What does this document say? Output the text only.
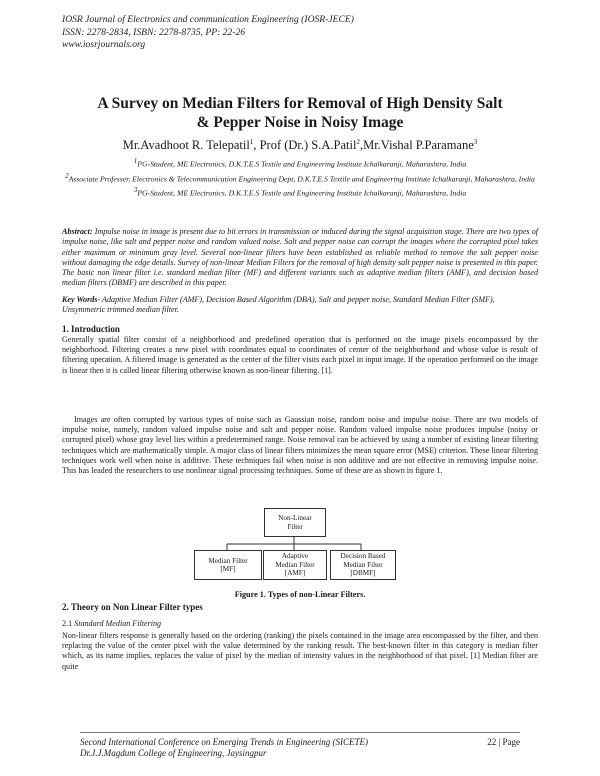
IOSR Journal of Electronics and communication Engineering (IOSR-JECE)
ISSN: 2278-2834, ISBN: 2278-8735, PP: 22-26
www.iosrjournals.org
A Survey on Median Filters for Removal of High Density Salt
& Pepper Noise in Noisy Image
Mr.Avadhoot R. Telepatil$^1$, Prof (Dr.) S.A.Patil$^2$,Mr.Vishal P.Paramane$^3$
$^1$PG-Student, ME Electronics, D.K.T.E.S Textile and Engineering Institute Ichalkaranji, Maharashtra, India
$^2$Associate Professer, Electronics & Telecommunication Engineering Dept, D.K.T.E.S Textile and Engineering Institute Ichalkaranji, Maharashtra, India
$^3$PG-Student, ME Electronics, D.K.T.E.S Textile and Engineering Institute Ichalkaranji, Maharashtra, India
Abstract: Impulse noise in image is present due to bit errors in transmission or induced during the signal acquisition stage. There are two types of impulse noise, like salt and pepper noise and random valued noise. Salt and pepper noise can corrupt the images where the corrupted pixel takes either maximum or minimum gray level. Several non-linear filters have been established as reliable method to remove the salt pepper noise without damaging the edge details. Survey of non-linear Median Filters for the removal of high density salt pepper noise is presented in this paper. The basic non linear filter i.e. standard median filter (MF) and different variants such as adaptive median filters (AMF), and decision based median filters (DBMF) are described in this paper.
Key Words- Adaptive Median Filter (AMF), Decision Based Algorithm (DBA), Salt and pepper noise, Standard Median Filter (SMF), Unsymmetric trimmed median filter.
1. Introduction
Generally spatial filter consist of a neighborhood and predefined operation that is performed on the image pixels encompassed by the neighborhood. Filtering creates a new pixel with coordinates equal to coordinates of center of the neighborhood and whose value is result of filtering operation. A filtered image is generated as the center of the filter visits each pixel in input image. If the operation performed on the image is linear then it is called linear filtering otherwise known as non-linear filtering. [1].
Images are often corrupted by various types of noise such as Gaussian noise, random noise and impulse noise. There are two models of impulse noise, namely, random valued impulse noise and salt and pepper noise. Random valued impulse noise produces impulse (noisy or corrupted pixel) whose gray level lies within a predetermined range. Noise removal can be achieved by using a number of existing linear filtering techniques which are mathematically simple. A major class of linear filters minimizes the mean square error (MSE) criterion. These linear filtering techniques work well when noise is additive. These techniques fail when noise is non additive and are not effective in removing impulse noise. This has leaded the researchers to use nonlinear signal processing techniques. Some of these are as shown in figure 1.
Non-Linear
Filter
Median Filter
[MF]
Adaptive
Median Filter
[AMF]
Decision Based
Median Filter
[DBMF]
Figure 1. Types of non-Linear Filters.
2. Theory on Non Linear Filter types
2.1 Standard Median Filtering
Non-linear filters response is generally based on the ordering (ranking) the pixels contained in the image area encompassed by the filter, and then replacing the value of the center pixel with the value determined by the ranking result. The best-known filter in this category is median filter which, as its name implies, replaces the value of pixel by the median of intensity values in the neighborhood of that pixel. [1] Median filter are quite
Second International Conference on Emerging Trends in Engineering (SICETE)
Dr.J.J.Magdum College of Engineering, Jaysingpur
22 | Page
